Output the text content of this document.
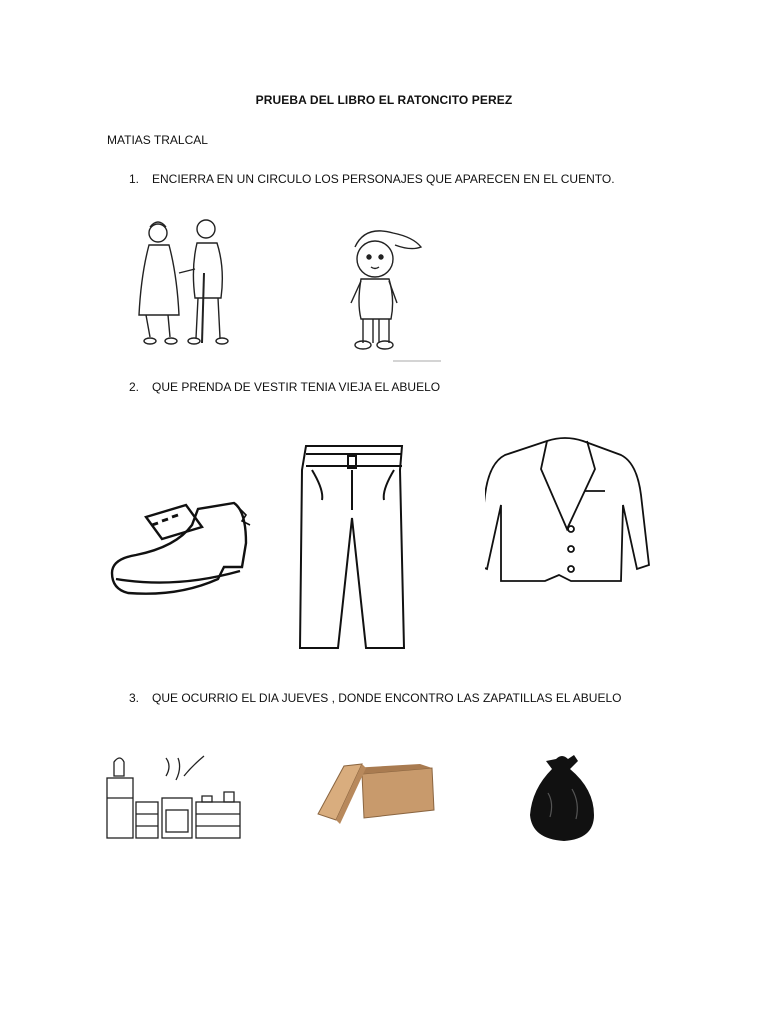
PRUEBA DEL LIBRO EL RATONCITO PEREZ
MATIAS TRALCAL
1. ENCIERRA EN UN CIRCULO LOS PERSONAJES QUE APARECEN EN EL CUENTO.
2. QUE PRENDA DE VESTIR TENIA VIEJA EL ABUELO
3. QUE OCURRIO EL DIA JUEVES , DONDE ENCONTRO LAS ZAPATILLAS EL ABUELO
